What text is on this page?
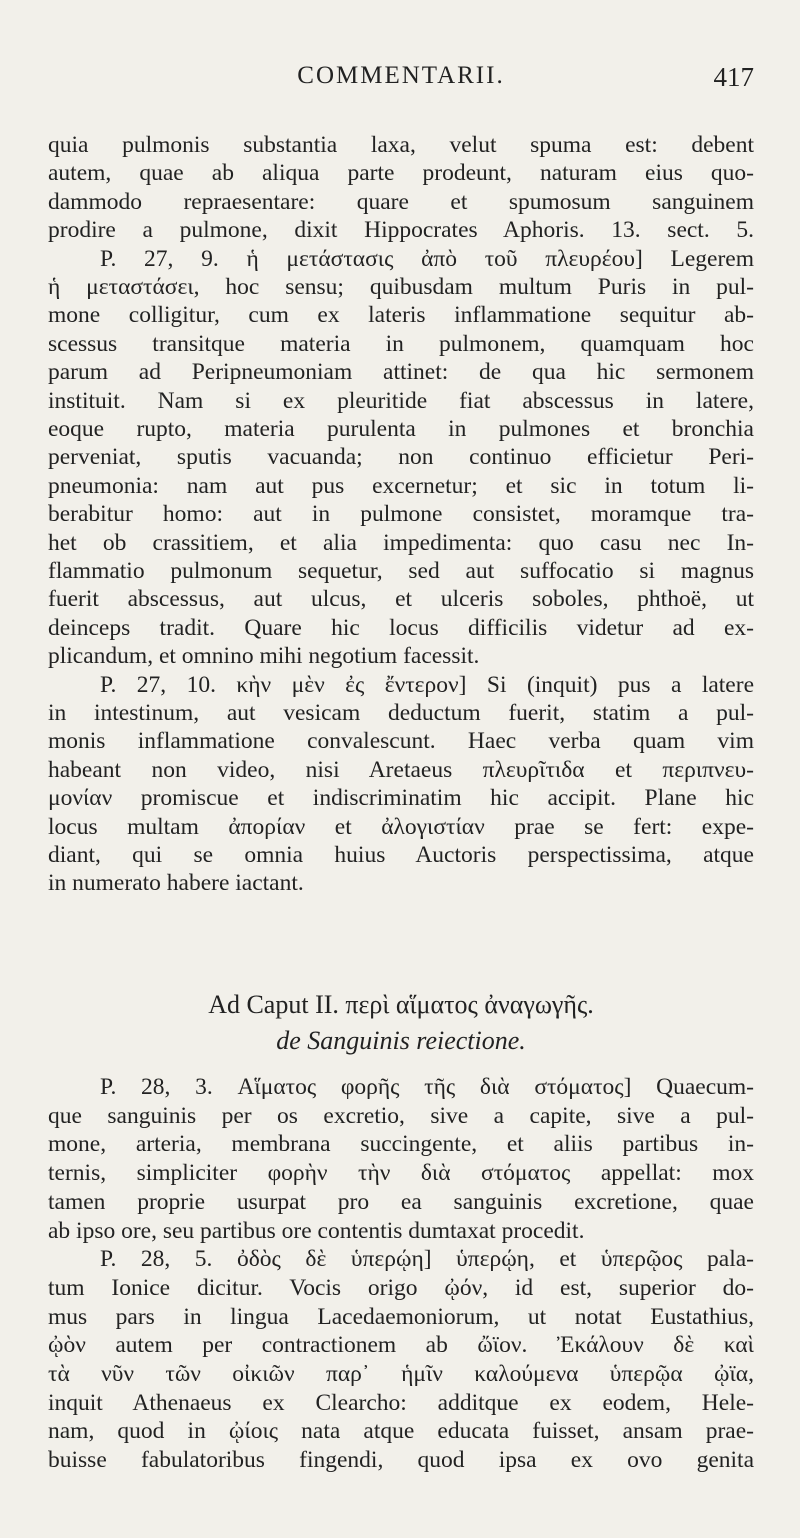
COMMENTARII.	417
quia pulmonis substantia laxa, velut spuma est: debent
autem, quae ab aliqua parte prodeunt, naturam eius quo-
dammodo repraesentare: quare et spumosum sanguinem
prodire a pulmone, dixit Hippocrates Aphoris. 13. sect. 5.
P. 27, 9. ἡ μετάστασις ἀπὸ τοῦ πλευρέου] Legerem
ἡ μεταστάσει, hoc sensu; quibusdam multum Puris in pul-
mone colligitur, cum ex lateris inflammatione sequitur ab-
scessus transitque materia in pulmonem, quamquam hoc
parum ad Peripneumoniam attinet: de qua hic sermonem
instituit. Nam si ex pleuritide fiat abscessus in latere,
eoque rupto, materia purulenta in pulmones et bronchia
perveniat, sputis vacuanda; non continuo efficietur Peri-
pneumonia: nam aut pus excernetur; et sic in totum li-
berabitur homo: aut in pulmone consistet, moramque tra-
het ob crassitiem, et alia impedimenta: quo casu nec In-
flammatio pulmonum sequetur, sed aut suffocatio si magnus
fuerit abscessus, aut ulcus, et ulceris soboles, phthoë, ut
deinceps tradit. Quare hic locus difficilis videtur ad ex-
plicandum, et omnino mihi negotium facessit.
P. 27, 10. κὴν μὲν ἐς ἔντερον] Si (inquit) pus a latere
in intestinum, aut vesicam deductum fuerit, statim a pul-
monis inflammatione convalescunt. Haec verba quam vim
habeant non video, nisi Aretaeus πλευρῖτιδα et περιπνευ-
μονίαν promiscue et indiscriminatim hic accipit. Plane hic
locus multam ἀπορίαν et ἀλογιστίαν prae se fert: expe-
diant, qui se omnia huius Auctoris perspectissima, atque
in numerato habere iactant.
Ad Caput II. περὶ αἵματος ἀναγωγῆς.
de Sanguinis reiectione.
P. 28, 3. Αἵματος φορῆς τῆς διὰ στόματος] Quaecum-
que sanguinis per os excretio, sive a capite, sive a pul-
mone, arteria, membrana succingente, et aliis partibus in-
ternis, simpliciter φορὴν τὴν διὰ στόματος appellat: mox
tamen proprie usurpat pro ea sanguinis excretione, quae
ab ipso ore, seu partibus ore contentis dumtaxat procedit.
P. 28, 5. ὀδὸς δὲ ὑπερῴη] ὑπερῴη, et ὑπερῷος pala-
tum Ionice dicitur. Vocis origo ᾠόν, id est, superior do-
mus pars in lingua Lacedaemoniorum, ut notat Eustathius,
ᾠὸν autem per contractionem ab ὤϊον. Ἐκάλουν δὲ καὶ
τὰ νῦν τῶν οἰκιῶν παρ᾽ ἡμῖν καλούμενα ὑπερῷα ᾠϊα,
inquit Athenaeus ex Clearcho: additque ex eodem, Hele-
nam, quod in ᾠίοις nata atque educata fuisset, ansam prae-
buisse fabulatoribus fingendi, quod ipsa ex ovo genita
